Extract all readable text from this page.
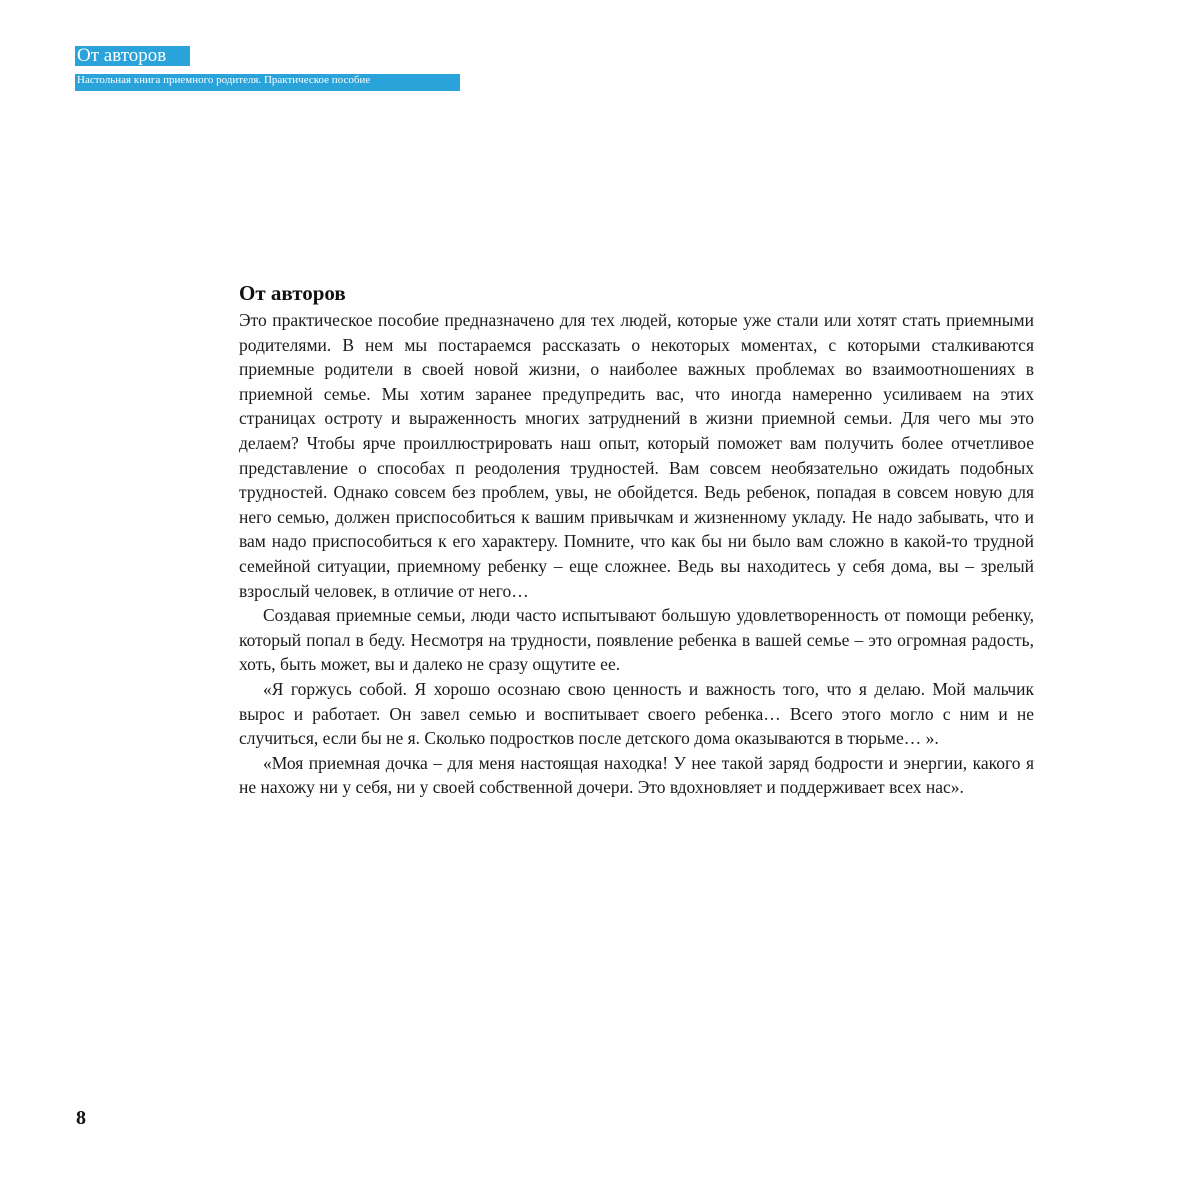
От авторов
Настольная книга приемного родителя. Практическое пособие
От авторов

Это практическое пособие предназначено для тех людей, которые уже стали или хотят стать приемными родителями. В нем мы постараемся рассказать о некоторых моментах, с которыми сталкиваются приемные родители в своей новой жизни, о наиболее важных проблемах во взаимоотношениях в приемной семье. Мы хотим заранее предупредить вас, что иногда намеренно усиливаем на этих страницах остроту и выраженность многих затруднений в жизни приемной семьи. Для чего мы это делаем? Чтобы ярче проиллюстрировать наш опыт, который поможет вам получить более отчетливое представление о способах п реодоления трудностей. Вам совсем необязательно ожидать подобных трудностей. Однако совсем без проблем, увы, не обойдется. Ведь ребенок, попадая в совсем новую для него семью, должен приспособиться к вашим привычкам и жизненному укладу. Не надо забывать, что и вам надо приспособиться к его характеру. Помните, что как бы ни было вам сложно в какой-то трудной семейной ситуации, приемному ребенку – еще сложнее. Ведь вы находитесь у себя дома, вы – зрелый взрослый человек, в отличие от него…

Создавая приемные семьи, люди часто испытывают большую удовлетворенность от помощи ребенку, который попал в беду. Несмотря на трудности, появление ребенка в вашей семье – это огромная радость, хоть, быть может, вы и далеко не сразу ощутите ее.

«Я горжусь собой. Я хорошо осознаю свою ценность и важность того, что я делаю. Мой мальчик вырос и работает. Он завел семью и воспитывает своего ребенка… Всего этого могло с ним и не случиться, если бы не я. Сколько подростков после детского дома оказываются в тюрьме… ».

«Моя приемная дочка – для меня настоящая находка! У нее такой заряд бодрости и энергии, какого я не нахожу ни у себя, ни у своей собственной дочери. Это вдохновляет и поддерживает всех нас».

8
